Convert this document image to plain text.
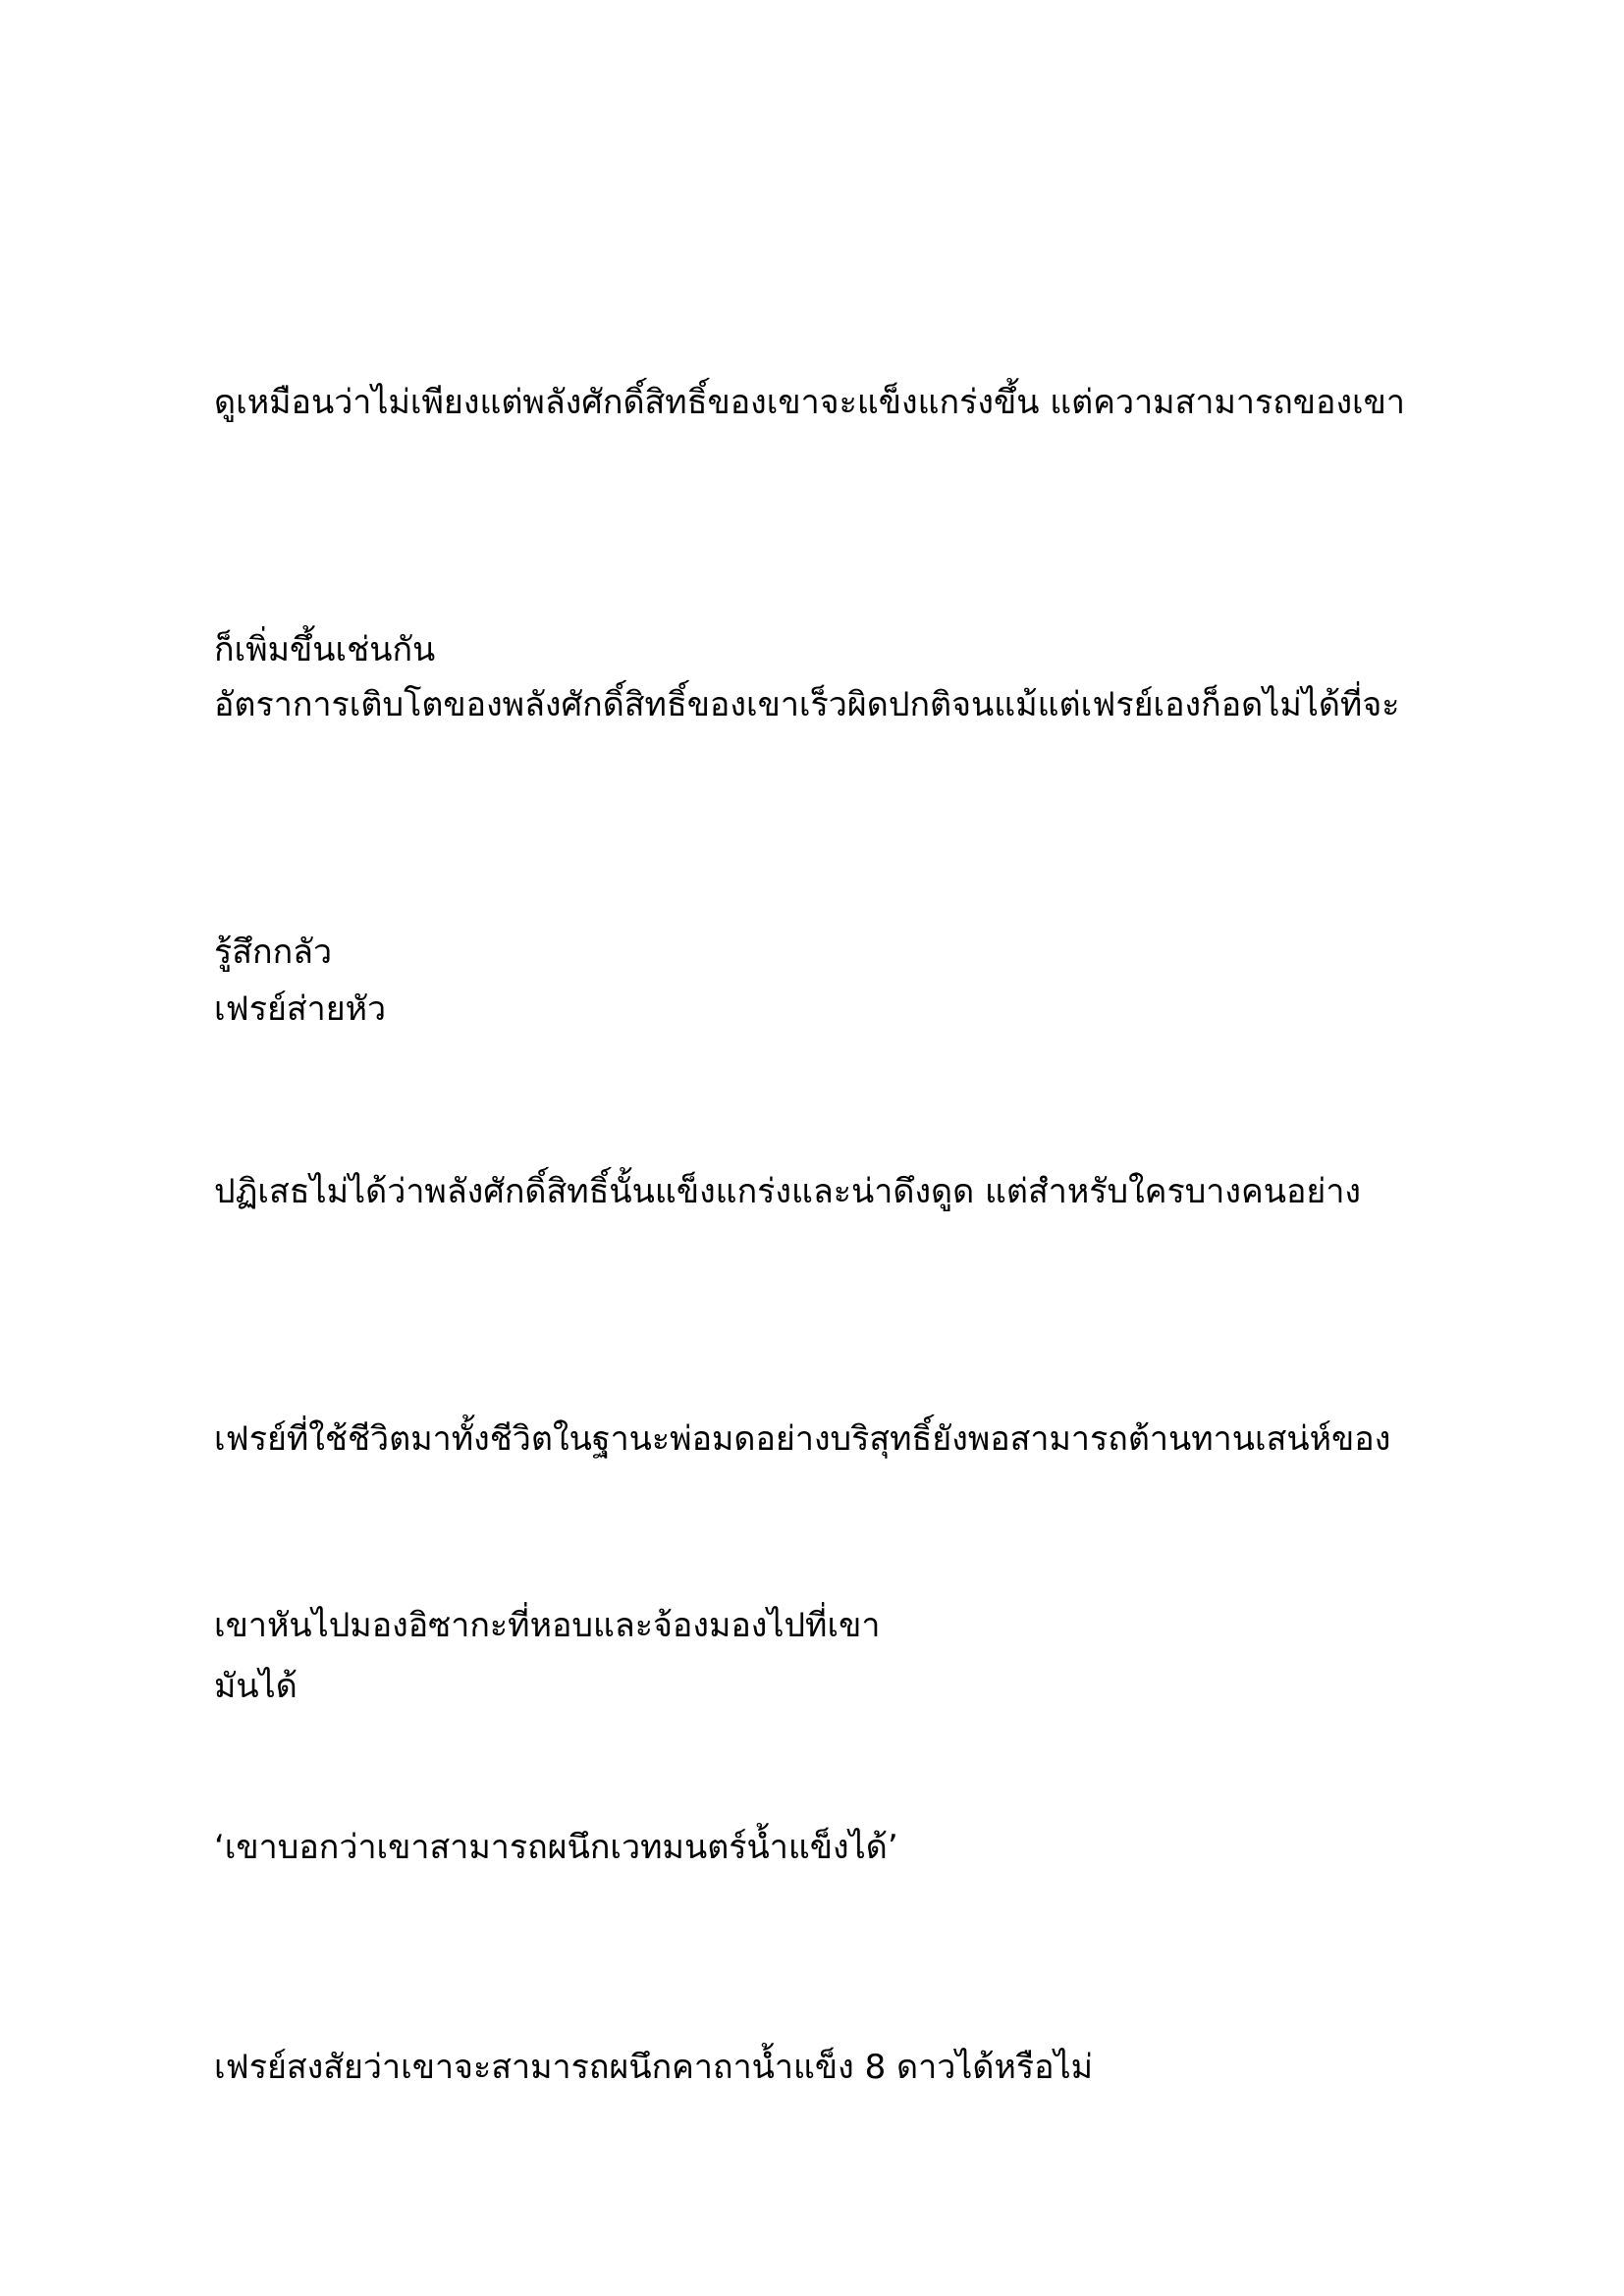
ดูเหมือนว่าไม่เพียงแต่พลังศักดิ์สิทธิ์ของเขาจะแข็งแกร่งขึ้น แต่ความสามารถของเขา

ก็เพิ่มขึ้นเช่นกัน

อัตราการเติบโตของพลังศักดิ์สิทธิ์ของเขาเร็วผิดปกติจนแม้แต่เฟรย์เองก็อดไม่ได้ที่จะ

รู้สึกกลัว

เฟรย์ส่ายหัว

ปฏิเสธไม่ได้ว่าพลังศักดิ์สิทธิ์นั้นแข็งแกร่งและน่าดึงดูด แต่สำหรับใครบางคนอย่าง

เฟรย์ที่ใช้ชีวิตมาทั้งชีวิตในฐานะพ่อมดอย่างบริสุทธิ์ยังพอสามารถต้านทานเสน่ห์ของ

มันได้

เขาหันไปมองอิซากะที่หอบและจ้องมองไปที่เขา

‘เขาบอกว่าเขาสามารถผนึกเวทมนตร์น้ำแข็งได้’

เฟรย์สงสัยว่าเขาจะสามารถผนึกคาถาน้ำแข็ง 8 ดาวได้หรือไม่
